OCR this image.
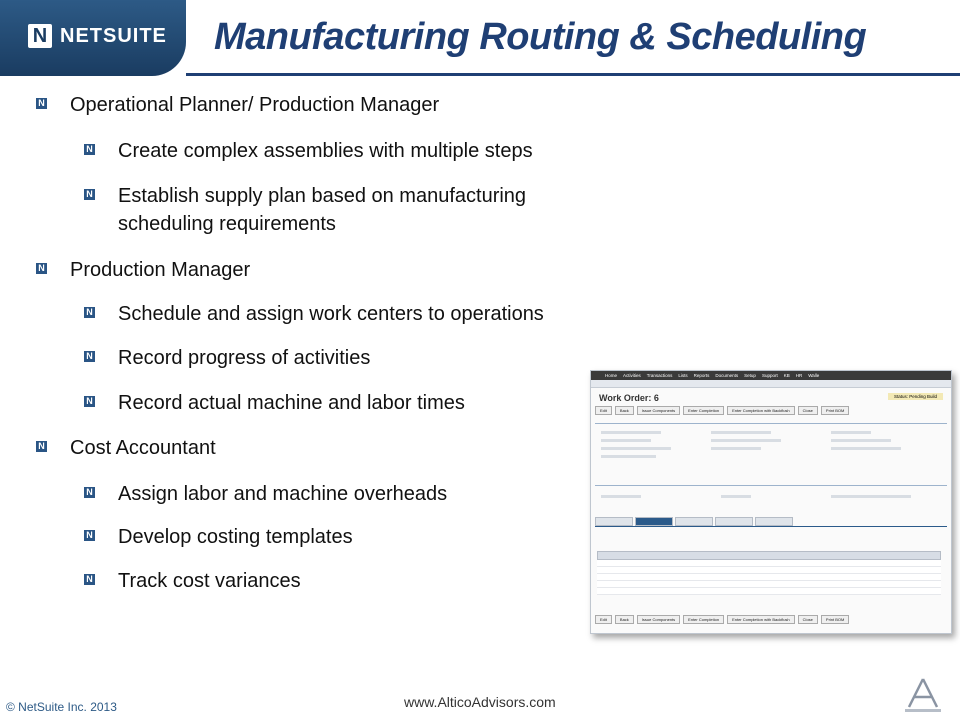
N NETSUITE Manufacturing Routing & Scheduling
N
Operational Planner/ Production Manager
N
Create complex assemblies with multiple steps
N
Establish supply plan based on manufacturing scheduling requirements
N
Production Manager
N
Schedule and assign work centers to operations
N
Record progress of activities
N
Record actual machine and labor times
N
Cost Accountant
N
Assign labor and machine overheads
N
Develop costing templates
N
Track cost variances
Home Activities Transactions Lists Reports Documents Setup Support KB HR Walle
Work Order: 6	Status: Pending Build
Edit	Back	Issue Components	Enter Completion	Enter Completion with Backflush	Close	Print BOM
Edit	Back	Issue Components	Enter Completion	Enter Completion with Backflush	Close	Print BOM
© NetSuite Inc. 2013	www.AlticoAdvisors.com
